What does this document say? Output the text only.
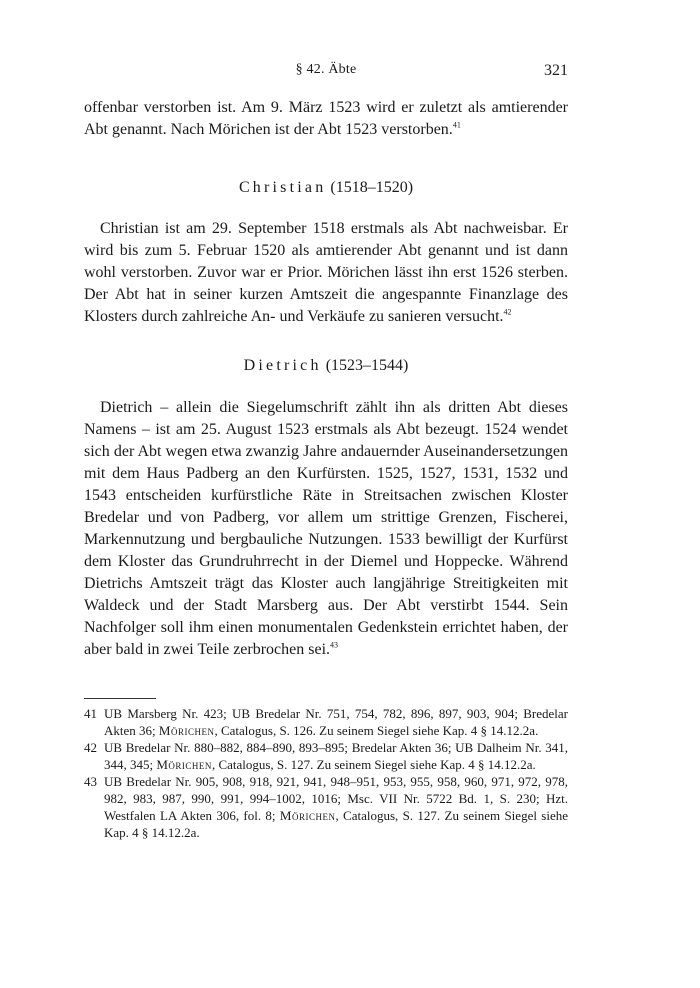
§ 42. Äbte	321

offenbar verstorben ist. Am 9. März 1523 wird er zuletzt als amtierender Abt genannt. Nach Mörichen ist der Abt 1523 verstorben.$^{41}$

Christian (1518–1520)

Christian ist am 29. September 1518 erstmals als Abt nachweisbar. Er wird bis zum 5. Februar 1520 als amtierender Abt genannt und ist dann wohl verstorben. Zuvor war er Prior. Mörichen lässt ihn erst 1526 sterben. Der Abt hat in seiner kurzen Amtszeit die angespannte Finanzlage des Klosters durch zahlreiche An- und Verkäufe zu sanieren versucht.$^{42}$

Dietrich (1523–1544)

Dietrich – allein die Siegelumschrift zählt ihn als dritten Abt dieses Namens – ist am 25. August 1523 erstmals als Abt bezeugt. 1524 wendet sich der Abt wegen etwa zwanzig Jahre andauernder Auseinandersetzungen mit dem Haus Padberg an den Kurfürsten. 1525, 1527, 1531, 1532 und 1543 entscheiden kurfürstliche Räte in Streitsachen zwischen Kloster Bredelar und von Padberg, vor allem um strittige Grenzen, Fischerei, Markennutzung und bergbauliche Nutzungen. 1533 bewilligt der Kurfürst dem Kloster das Grundruhrrecht in der Diemel und Hoppecke. Während Dietrichs Amtszeit trägt das Kloster auch langjährige Streitigkeiten mit Waldeck und der Stadt Marsberg aus. Der Abt verstirbt 1544. Sein Nachfolger soll ihm einen monumentalen Gedenkstein errichtet haben, der aber bald in zwei Teile zerbrochen sei.$^{43}$

41 UB Marsberg Nr. 423; UB Bredelar Nr. 751, 754, 782, 896, 897, 903, 904; Bredelar Akten 36; Mörichen, Catalogus, S. 126. Zu seinem Siegel siehe Kap. 4 § 14.12.2a.

42 UB Bredelar Nr. 880–882, 884–890, 893–895; Bredelar Akten 36; UB Dalheim Nr. 341, 344, 345; Mörichen, Catalogus, S. 127. Zu seinem Siegel siehe Kap. 4 § 14.12.2a.

43 UB Bredelar Nr. 905, 908, 918, 921, 941, 948–951, 953, 955, 958, 960, 971, 972, 978, 982, 983, 987, 990, 991, 994–1002, 1016; Msc. VII Nr. 5722 Bd. 1, S. 230; Hzt. Westfalen LA Akten 306, fol. 8; Mörichen, Catalogus, S. 127. Zu seinem Siegel siehe Kap. 4 § 14.12.2a.
